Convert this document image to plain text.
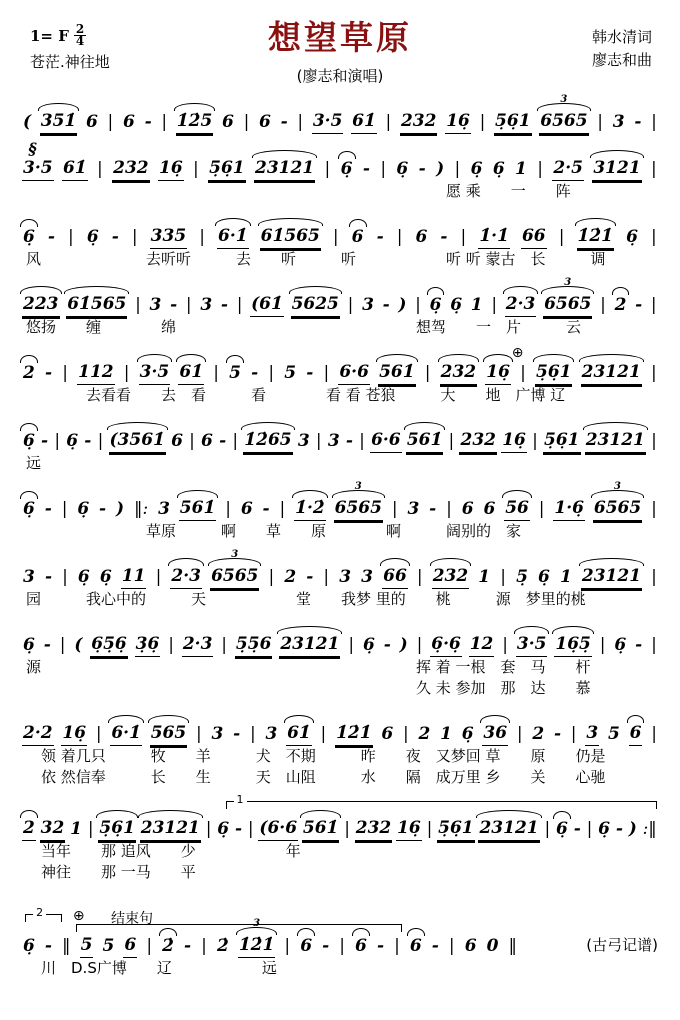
1= F $\frac{2}{4}$
苍茫.神往地
想望草原
(廖志和演唱)
韩水清词
廖志和曲
( 351̇ 6 | 6 - | 1̇2̇5 6 | 6 - | 3·5 61̇ | 232 16̣ | 5̣6̣1 6565
3
| 3 - |
§
3·5 61̇ | 232 16̣ | 5̣6̣1 23121 | 6̣ - | 6̣ - ) | 6̣ 6̣ 1 | 2·5 3121 |
　　　　　　　　　　　　　　　　　　　　　　　　　　　　愿 乘　　一　　阵
6̣ - | 6̣ - | 335 | 6·1̇ 61̇565 | 6 - | 6 - | 1̇·1̇ 66 | 1̇2̇1̇ 6̣ |
风　　　　　　　去听听　　　去　　听　　　听　　　　　　听 听 蒙古　长　　　调
223 61̇565 | 3 - | 3 - | (61̇ 5625 | 3 - ) | 6̣ 6̣ 1 | 2·3 6565
3
| 2 - |
悠扬　　缠　　　　绵　　　　　　　　　　　　　　　　想驾　　一　片　　　云
⊕
2 - | 112 | 3·5 61̇ | 5 - | 5 - | 6·6 561̇ | 232 16̣ | 5̣6̣1 23121 |
　　　　去看看　　去　看　　　看　　　　看 看 苍狼　　　大　　地　广博 辽
6̣ - | 6̣ - | (3561̇ 6 | 6 - | 1̇2̇65 3 | 3 - | 6·6 561̇ | 232 16̣ | 5̣6̣1 23121 |
远
6̣ - | 6̣ - ) ‖: 3 561̇ | 6 - | 1̇·2̇ 6565
3
| 3 - | 6 6 56 | 1·6̣ 6565
3
|
　　　　　　　　草原　　　啊　　草　　原　　　　啊　　　阔别的　家
3 - | 6̣ 6̣ 11 | 2·3 6565
3
| 2 - | 3 3 66 | 232 1 | 5̣ 6̣ 1 23121 |
园　　　我心中的　　　天　　　　　　堂　　我梦 里的　　桃　　　源　梦里的桃
6̣ - | ( 6̣5̣6̣ 3̣6̣ | 2·3 | 5̣5̣6 23121 | 6̣ - ) | 6̣·6̣ 12 | 3·5 16̣5̣ | 6̣ - |
源　　　　　　　　　　　　　　　　　　　　　　　　　挥 着 一根　套　马　　杆
　　　　　　　　　　　　　　　　　　　　　　　　　　久 未 参加　那　达　　慕
2·2 16̣ | 6·1̇ 565 | 3 - | 3 61̇ | 1̇2̇1̇ 6 | 2 1 6̣ 36 | 2 - | 3 5 6 |
　领 着几只　　　牧　　羊　　　犬　不期　　　昨　　夜　又梦回 草　　原　　仍是
　依 然信奉　　　长　　生　　　天　山阻　　　水　　隔　成万里 乡　　关　　心驰
1
2 32 1 | 5̣6̣1 23121 | 6̣ - | (6·6 561̇ | 232 16̣ | 5̣6̣1 23121 | 6̣ - | 6̣ - ) :‖
　当年　　那 追风　　少　　　　　　年
　神往　　那 一马　　平
2 ⊕ 结束句
6̣ - ‖ 5 5 6 | 2̇ - | 2̇ 1̇2̇1̇
3
| 6 - | 6 - | 6 - | 6 0 ‖
　川　D.S广博　　辽　　　　　　远
(古弓记谱)
